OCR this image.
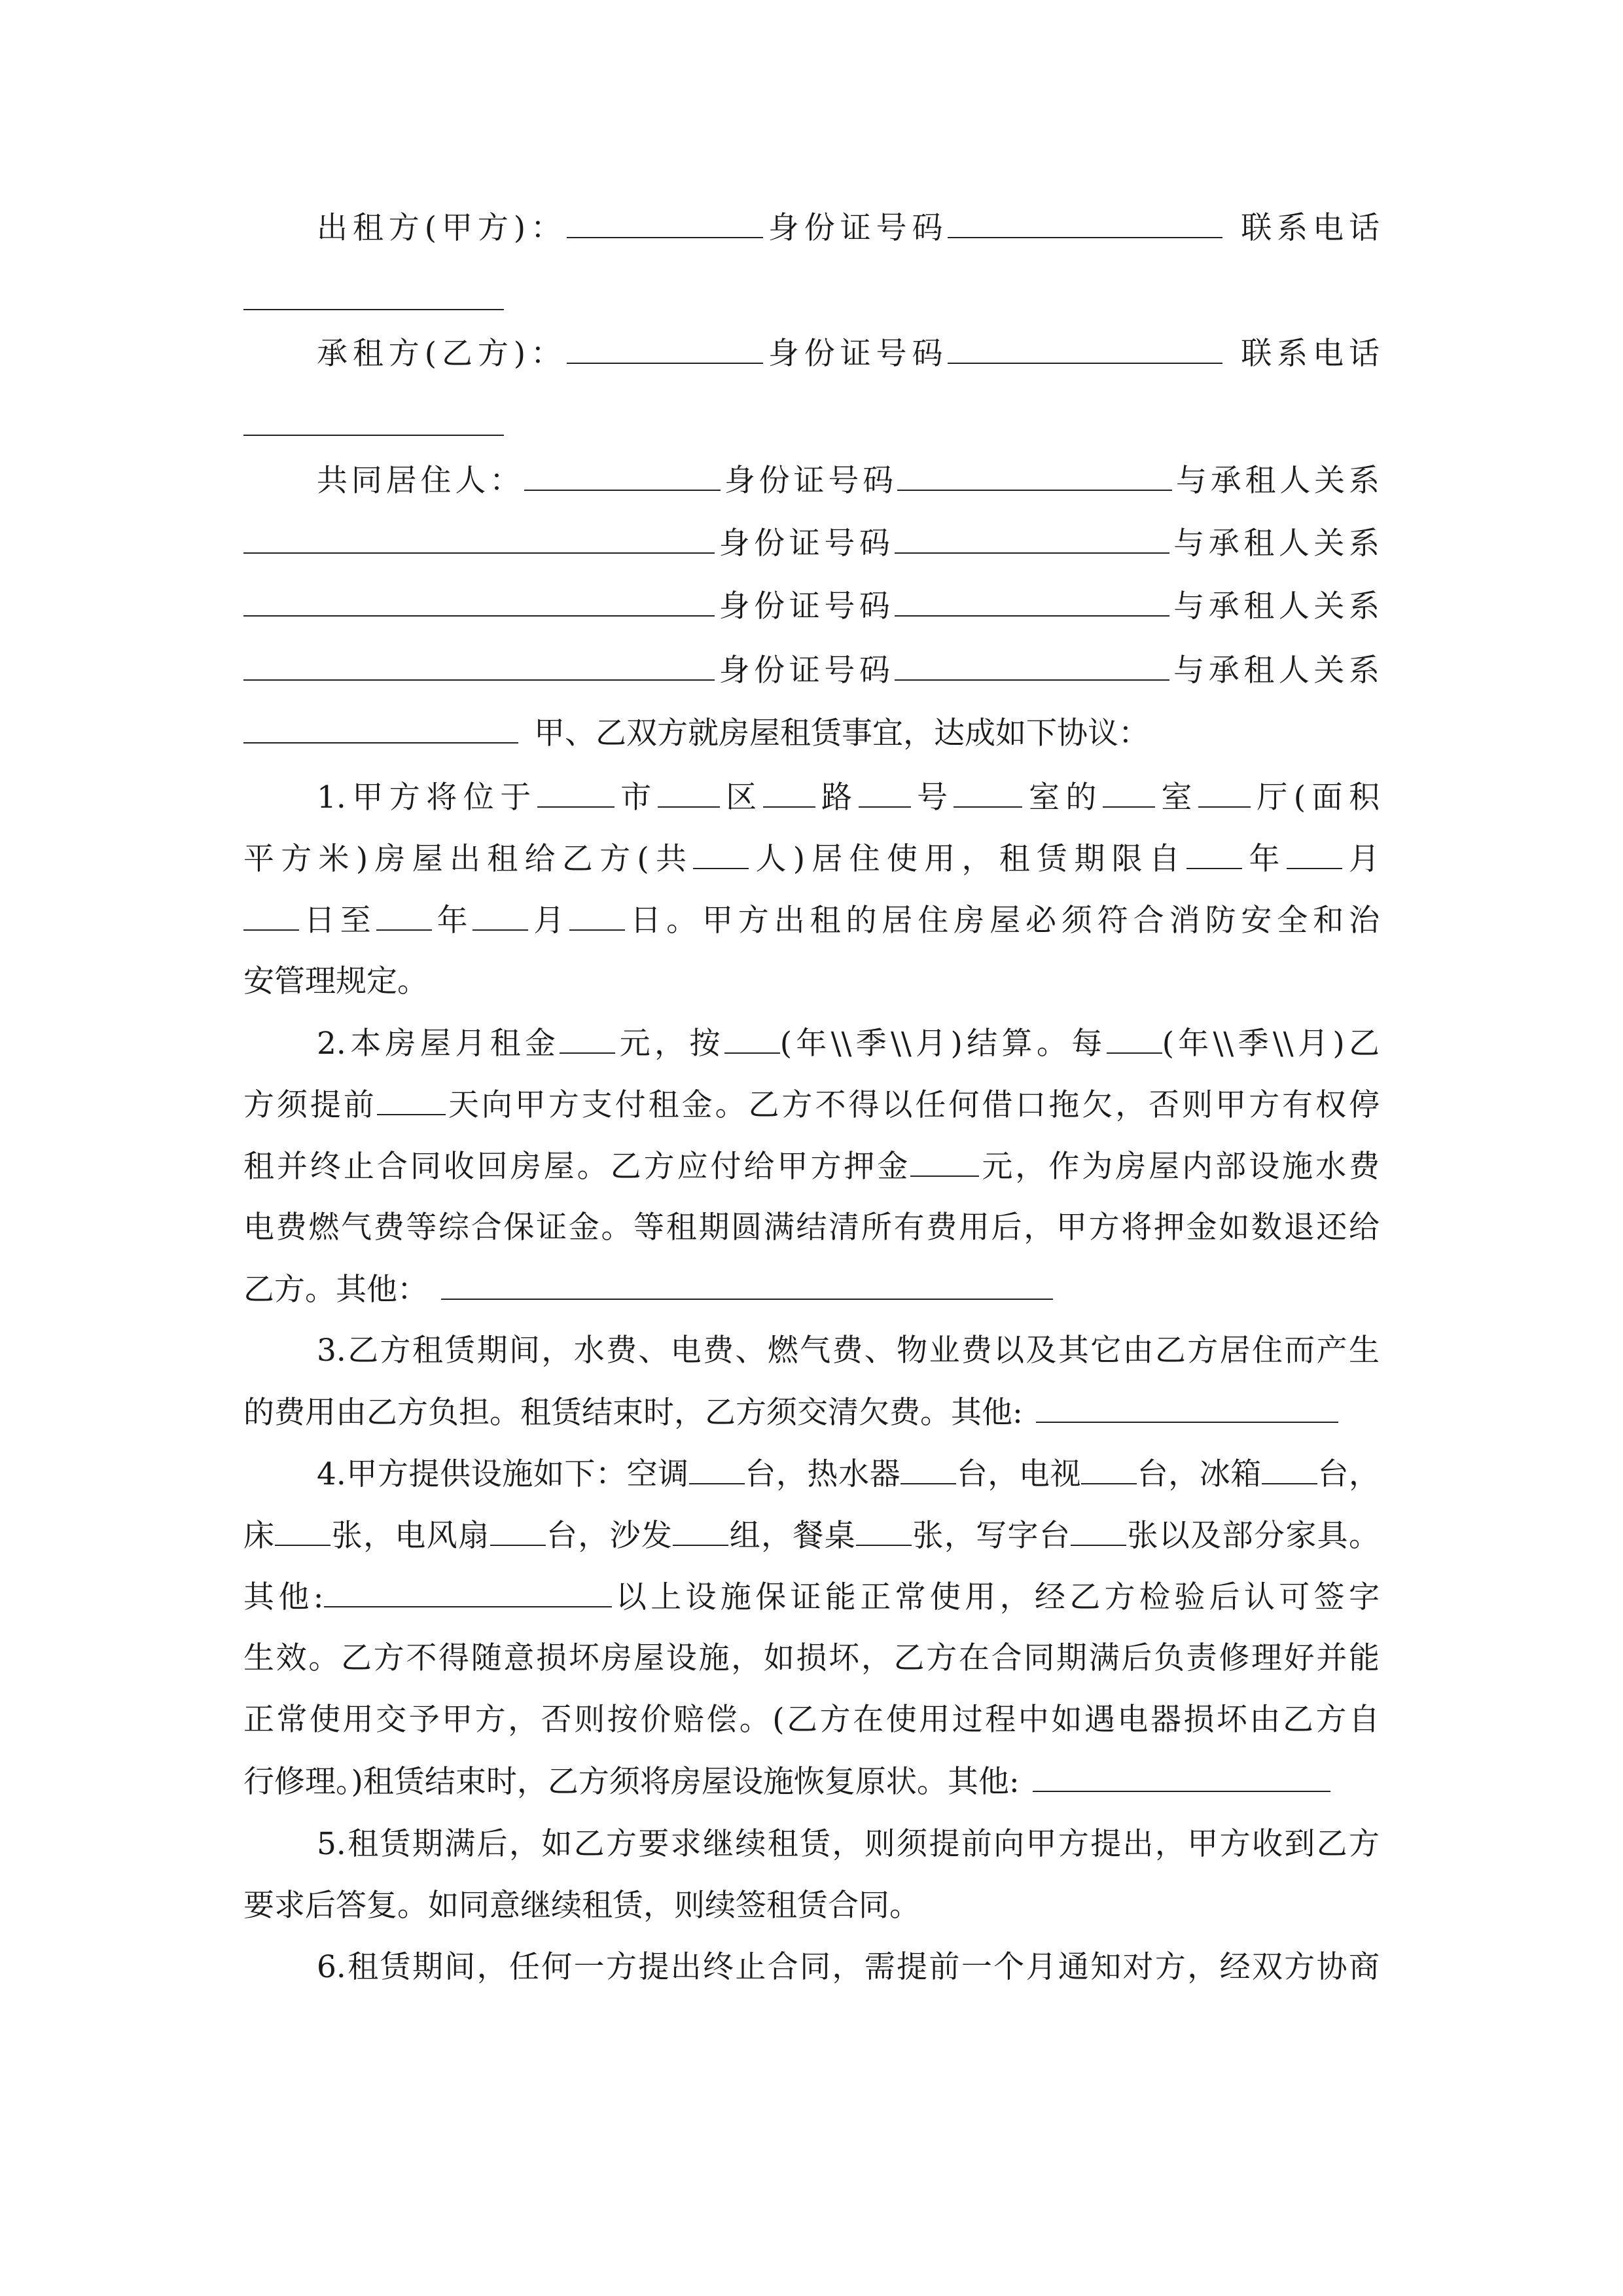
出租方(甲方)：	身份证号码	联系电话
承租方(乙方)：	身份证号码	联系电话
共同居住人：	身份证号码	与承租人关系
身份证号码	与承租人关系
身份证号码	与承租人关系
身份证号码	与承租人关系
甲、乙双方就房屋租赁事宜，达成如下协议：
1.甲方将位于	市 区 路 号 室的 室 厅(面积
平方米)房屋出租给乙方(共 人)居住使用，租赁期限自 年 月
日至 年 月 日。甲方出租的居住房屋必须符合消防安全和治
安管理规定。
2.本房屋月租金 元，按 (年\\季\\月)结算。每 (年\\季\\月)乙
方须提前 天向甲方支付租金。乙方不得以任何借口拖欠，否则甲方有权停
租并终止合同收回房屋。乙方应付给甲方押金 元，作为房屋内部设施水费
电费燃气费等综合保证金。等租期圆满结清所有费用后，甲方将押金如数退还给
乙方。其他：
3.乙方租赁期间，水费、电费、燃气费、物业费以及其它由乙方居住而产生
的费用由乙方负担。租赁结束时，乙方须交清欠费。其他:
4.甲方提供设施如下：空调 台，热水器 台，电视 台，冰箱 台，
床 张，电风扇 台，沙发 组，餐桌 张，写字台 张以及部分家具。
其他:	以上设施保证能正常使用，经乙方检验后认可签字
生效。乙方不得随意损坏房屋设施，如损坏，乙方在合同期满后负责修理好并能
正常使用交予甲方，否则按价赔偿。(乙方在使用过程中如遇电器损坏由乙方自
行修理。)租赁结束时，乙方须将房屋设施恢复原状。其他:
5.租赁期满后，如乙方要求继续租赁，则须提前向甲方提出，甲方收到乙方
要求后答复。如同意继续租赁，则续签租赁合同。
6.租赁期间，任何一方提出终止合同，需提前一个月通知对方，经双方协商
